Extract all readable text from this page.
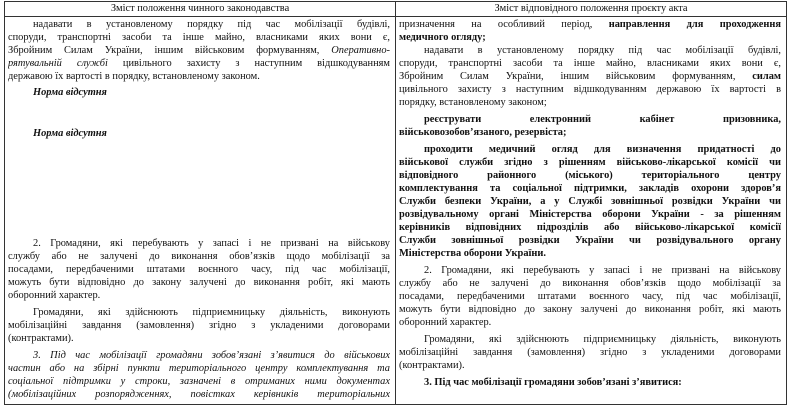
Зміст положення чинного законодавства	Зміст відповідного положення проєкту акта
надавати в установленому порядку під час мобілізації будівлі,
споруди, транспортні засоби та інше майно, власниками яких вони є,
Збройним Силам України, іншим військовим формуванням, Оперативно-
рятувальній службі цивільного захисту з наступним відшкодуванням
державою їх вартості в порядку, встановленому законом.
Норма відсутня
Норма відсутня
2. Громадяни, які перебувають у запасі і не призвані на військову
службу або не залучені до виконання обов’язків щодо мобілізації за
посадами, передбаченими штатами воєнного часу, під час мобілізації,
можуть бути відповідно до закону залучені до виконання робіт, які мають
оборонний характер.
Громадяни, які здійснюють підприємницьку діяльність, виконують
мобілізаційні завдання (замовлення) згідно з укладеними договорами
(контрактами).
3. Під час мобілізації громадяни зобов’язані з’явитися до військових
частин або на збірні пункти територіального центру комплектування та
соціальної підтримки у строки, зазначені в отриманих ними документах
(мобілізаційних розпорядженнях, повістках керівників територіальних
призначення на особливий період, направлення для проходження
медичного огляду;
надавати в установленому порядку під час мобілізації будівлі,
споруди, транспортні засоби та інше майно, власниками яких вони є,
Збройним Силам України, іншим військовим формуванням, силам
цивільного захисту з наступним відшкодуванням державою їх вартості в
порядку, встановленому законом;
реєструвати електронний кабінет призовника,
військовозобов’язаного, резервіста;
проходити медичний огляд для визначення придатності до
військової служби згідно з рішенням військово-лікарської комісії чи
відповідного районного (міського) територіального центру
комплектування та соціальної підтримки, закладів охорони здоров’я
Служби безпеки України, а у Службі зовнішньої розвідки України чи
розвідувальному органі Міністерства оборони України - за рішенням
керівників відповідних підрозділів або військово-лікарської комісії
Служби зовнішньої розвідки України чи розвідувального органу
Міністерства оборони України.
2. Громадяни, які перебувають у запасі і не призвані на військову
службу або не залучені до виконання обов’язків щодо мобілізації за
посадами, передбаченими штатами воєнного часу, під час мобілізації,
можуть бути відповідно до закону залучені до виконання робіт, які мають
оборонний характер.
Громадяни, які здійснюють підприємницьку діяльність, виконують
мобілізаційні завдання (замовлення) згідно з укладеними договорами
(контрактами).
3. Під час мобілізації громадяни зобов’язані з’явитися:
